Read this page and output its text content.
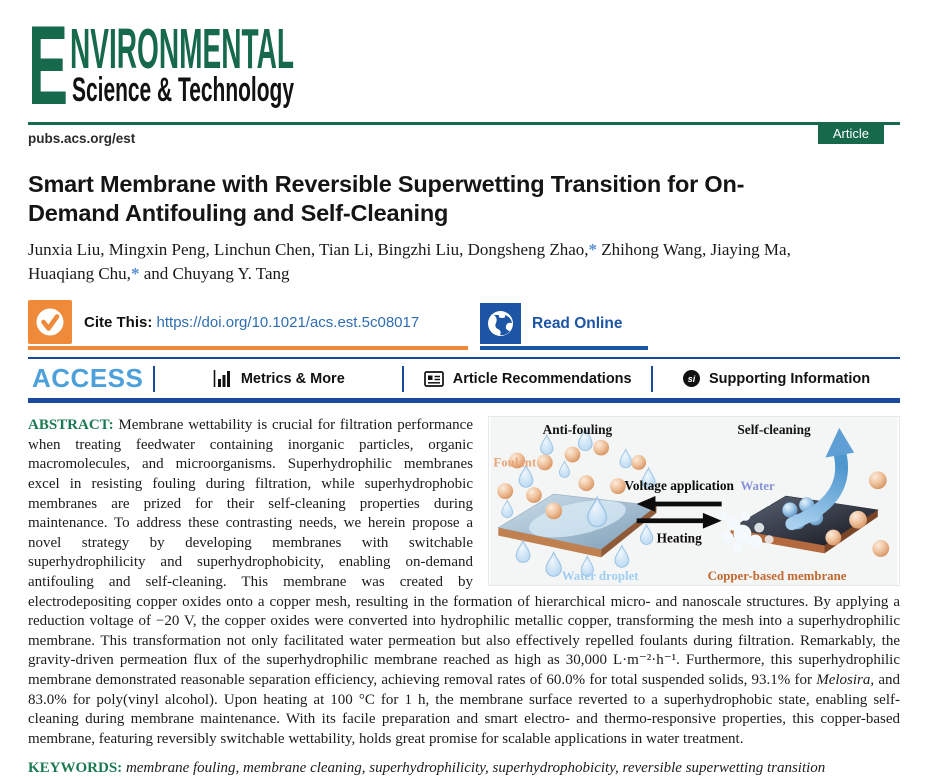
E NVIRONMENTAL
Science & Technology
Article
pubs.acs.org/est
Smart Membrane with Reversible Superwetting Transition for On-Demand Antifouling and Self-Cleaning

Junxia Liu, Mingxin Peng, Linchun Chen, Tian Li, Bingzhi Liu, Dongsheng Zhao,* Zhihong Wang, Jiaying Ma, Huaqiang Chu,* and Chuyang Y. Tang

Cite This: https://doi.org/10.1021/acs.est.5c08017	Read Online
ACCESS	Metrics & More	Article Recommendations	si Supporting Information
Anti-fouling	Self-cleaning
Foulant
Voltage application
Heating
Water
Water droplet	Copper-based membrane
ABSTRACT: Membrane wettability is crucial for filtration performance when treating feedwater containing inorganic particles, organic macromolecules, and microorganisms. Superhydrophilic membranes excel in resisting fouling during filtration, while superhydrophobic membranes are prized for their self-cleaning properties during maintenance. To address these contrasting needs, we herein propose a novel strategy by developing membranes with switchable superhydrophilicity and superhydrophobicity, enabling on-demand antifouling and self-cleaning. This membrane was created by electrodepositing copper oxides onto a copper mesh, resulting in the formation of hierarchical micro- and nanoscale structures. By applying a reduction voltage of −20 V, the copper oxides were converted into hydrophilic metallic copper, transforming the mesh into a superhydrophilic membrane. This transformation not only facilitated water permeation but also effectively repelled foulants during filtration. Remarkably, the gravity-driven permeation flux of the superhydrophilic membrane reached as high as 30,000 L·m⁻²·h⁻¹. Furthermore, this superhydrophilic membrane demonstrated reasonable separation efficiency, achieving removal rates of 60.0% for total suspended solids, 93.1% for Melosira, and 83.0% for poly(vinyl alcohol). Upon heating at 100 °C for 1 h, the membrane surface reverted to a superhydrophobic state, enabling self-cleaning during membrane maintenance. With its facile preparation and smart electro- and thermo-responsive properties, this copper-based membrane, featuring reversibly switchable wettability, holds great promise for scalable applications in water treatment.
KEYWORDS: membrane fouling, membrane cleaning, superhydrophilicity, superhydrophobicity, reversible superwetting transition
